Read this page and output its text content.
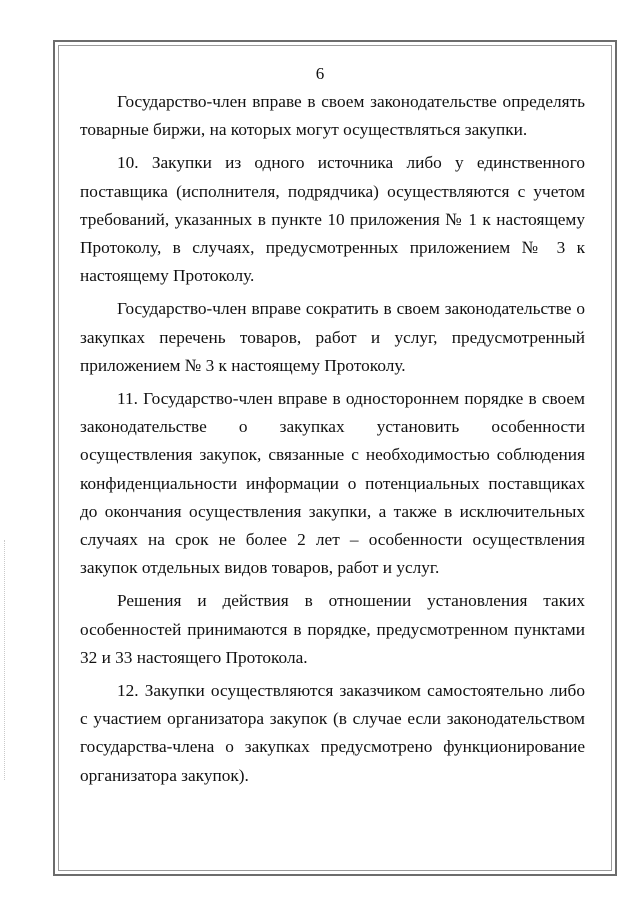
6

Государство-член вправе в своем законодательстве определять товарные биржи, на которых могут осуществляться закупки.

10. Закупки из одного источника либо у единственного поставщика (исполнителя, подрядчика) осуществляются с учетом требований, указанных в пункте 10 приложения № 1 к настоящему Протоколу, в случаях, предусмотренных приложением № 3 к настоящему Протоколу.

Государство-член вправе сократить в своем законодательстве о закупках перечень товаров, работ и услуг, предусмотренный приложением № 3 к настоящему Протоколу.

11. Государство-член вправе в одностороннем порядке в своем законодательстве о закупках установить особенности осуществления закупок, связанные с необходимостью соблюдения конфиденциальности информации о потенциальных поставщиках до окончания осуществления закупки, а также в исключительных случаях на срок не более 2 лет – особенности осуществления закупок отдельных видов товаров, работ и услуг.

Решения и действия в отношении установления таких особенностей принимаются в порядке, предусмотренном пунктами 32 и 33 настоящего Протокола.

12. Закупки осуществляются заказчиком самостоятельно либо с участием организатора закупок (в случае если законодательством государства-члена о закупках предусмотрено функционирование организатора закупок).
